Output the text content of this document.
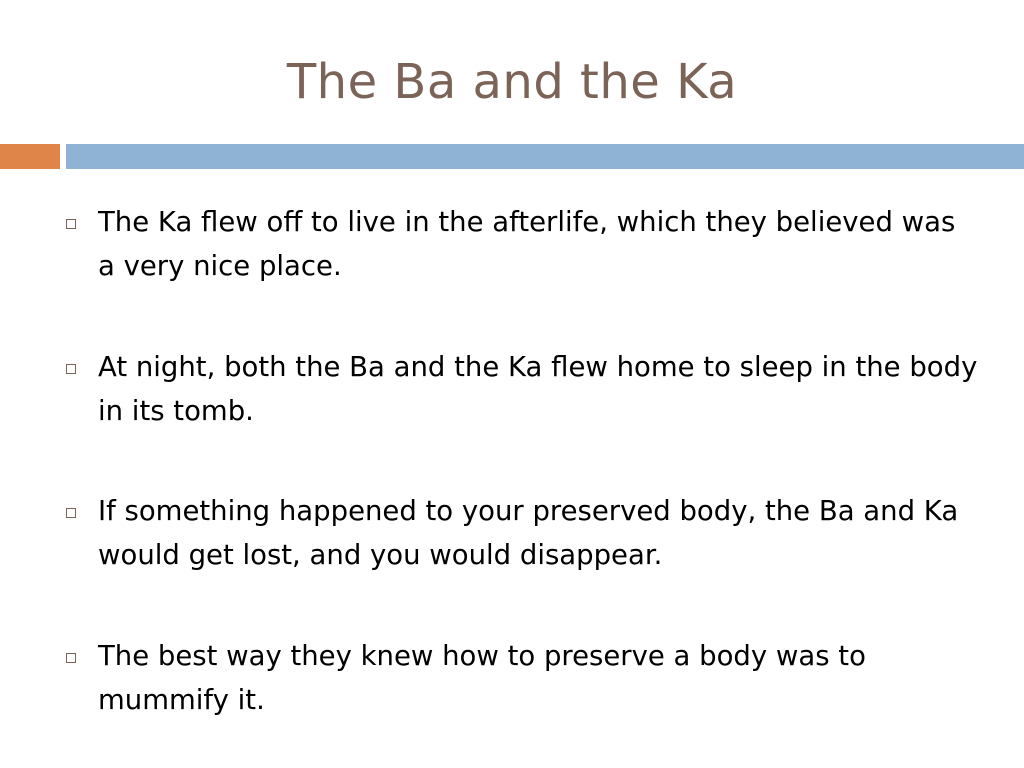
The Ba and the Ka
The Ka flew off to live in the afterlife, which they believed was a very nice place.
At night, both the Ba and the Ka flew home to sleep in the body in its tomb.
If something happened to your preserved body, the Ba and Ka would get lost, and you would disappear.
The best way they knew how to preserve a body was to mummify it.
